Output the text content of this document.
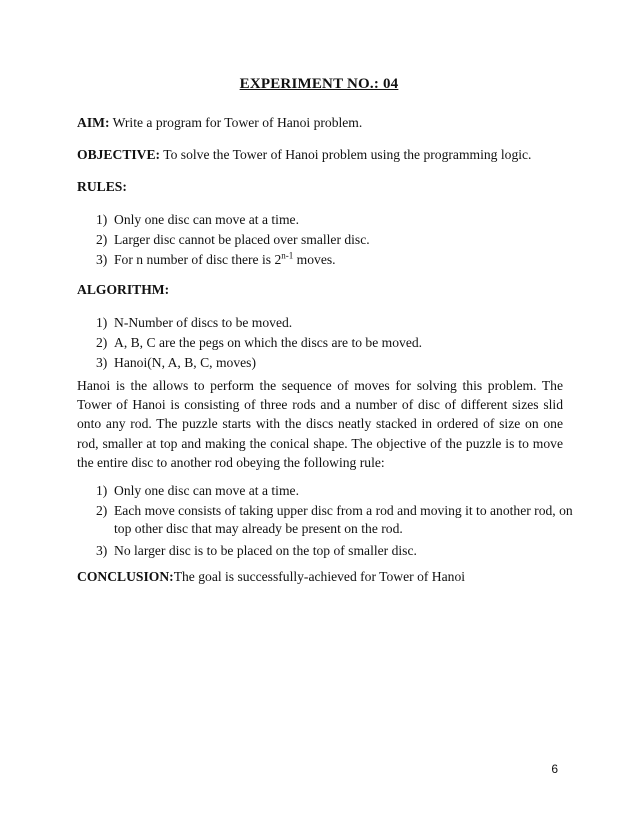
EXPERIMENT NO.: 04
AIM: Write a program for Tower of Hanoi problem.
OBJECTIVE: To solve the Tower of Hanoi problem using the programming logic.
RULES:
1) Only one disc can move at a time.
2) Larger disc cannot be placed over smaller disc.
3) For n number of disc there is 2$^{n-1}$ moves.
ALGORITHM:
1) N-Number of discs to be moved.
2) A, B, C are the pegs on which the discs are to be moved.
3) Hanoi(N, A, B, C, moves)
Hanoi is the allows to perform the sequence of moves for solving this problem. The Tower of Hanoi is consisting of three rods and a number of disc of different sizes slid onto any rod. The puzzle starts with the discs neatly stacked in ordered of size on one rod, smaller at top and making the conical shape. The objective of the puzzle is to move the entire disc to another rod obeying the following rule:
1) Only one disc can move at a time.
2) Each move consists of taking upper disc from a rod and moving it to another rod, on top other disc that may already be present on the rod.
3) No larger disc is to be placed on the top of smaller disc.
CONCLUSION:The goal is successfully-achieved for Tower of Hanoi
6
